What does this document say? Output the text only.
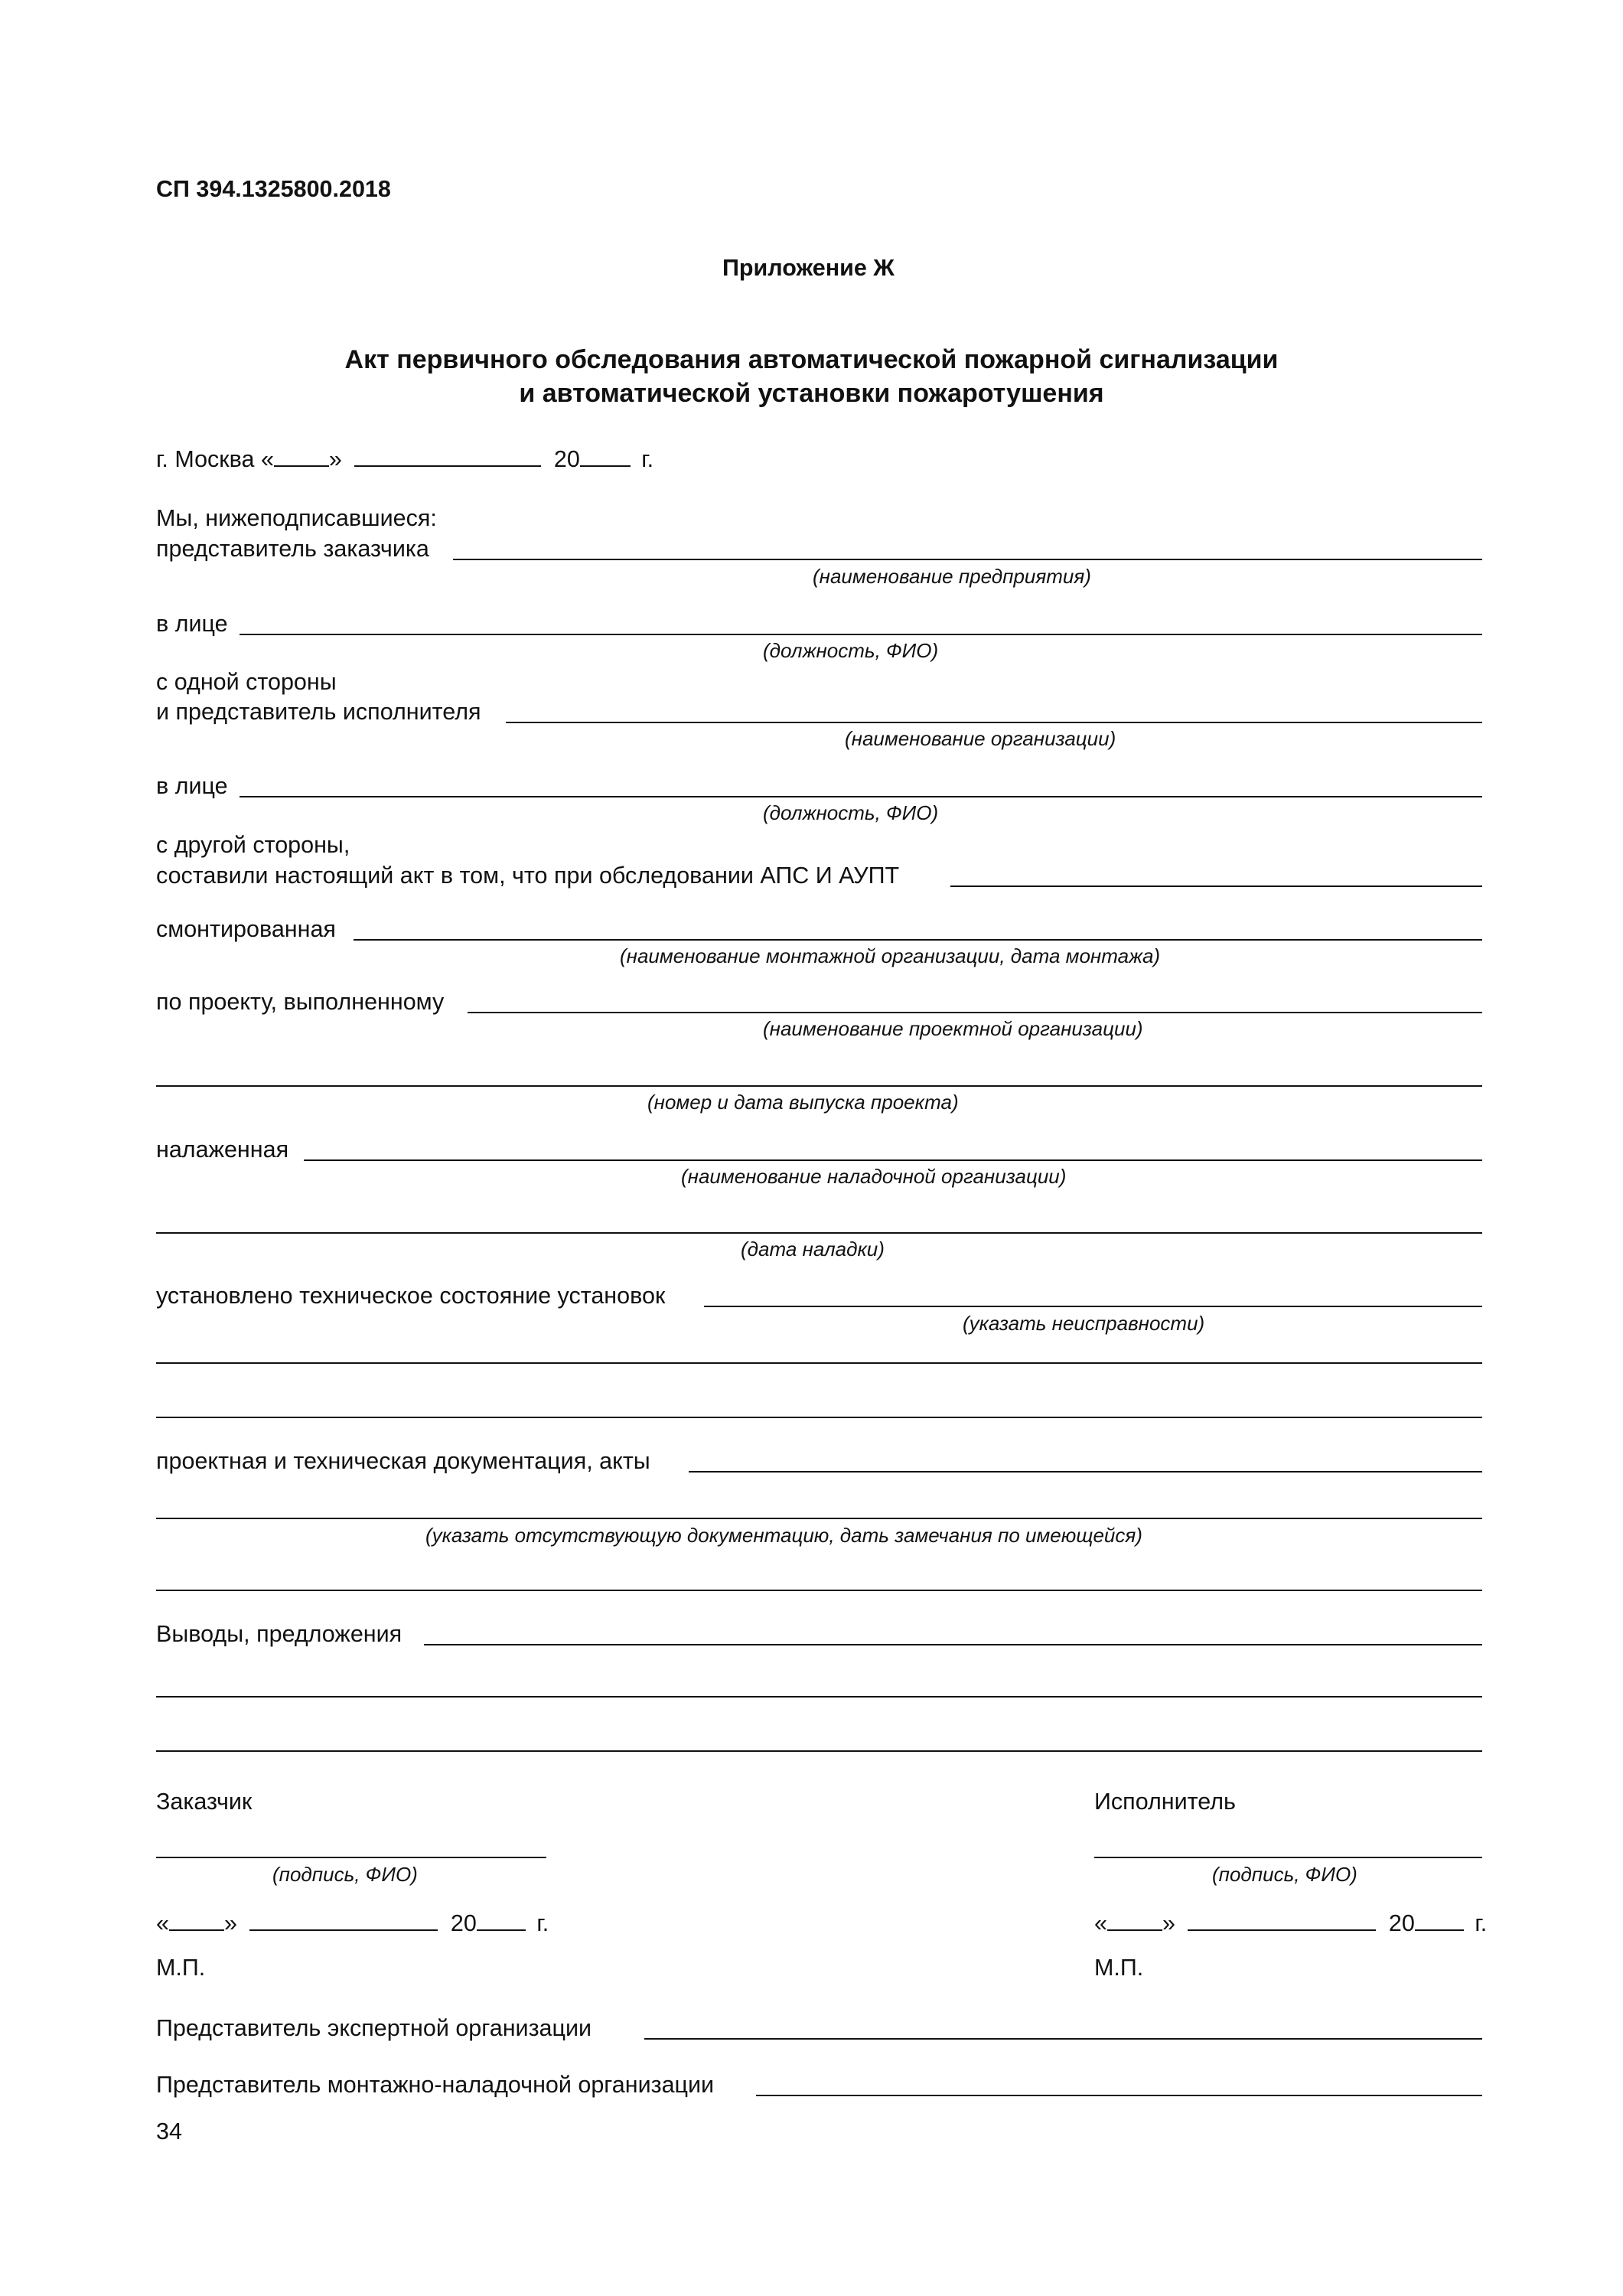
СП 394.1325800.2018
Приложение Ж
Акт первичного обследования автоматической пожарной сигнализации
и автоматической установки пожаротушения
г. Москва « »	20	г.
Мы, нижеподписавшиеся:
представитель заказчика
(наименование предприятия)
в лице
(должность, ФИО)
с одной стороны
и представитель исполнителя
(наименование организации)
в лице
(должность, ФИО)
с другой стороны,
составили настоящий акт в том, что при обследовании АПС И АУПТ
смонтированная
(наименование монтажной организации, дата монтажа)
по проекту, выполненному
(наименование проектной организации)
(номер и дата выпуска проекта)
налаженная
(наименование наладочной организации)
(дата наладки)
установлено техническое состояние установок
(указать неисправности)
проектная и техническая документация, акты
(указать отсутствующую документацию, дать замечания по имеющейся)
Выводы, предложения
Заказчик
(подпись, ФИО)
« »	20	г.
М.П.
Исполнитель
(подпись, ФИО)
« »	20	г.
М.П.
Представитель экспертной организации
Представитель монтажно-наладочной организации
34
